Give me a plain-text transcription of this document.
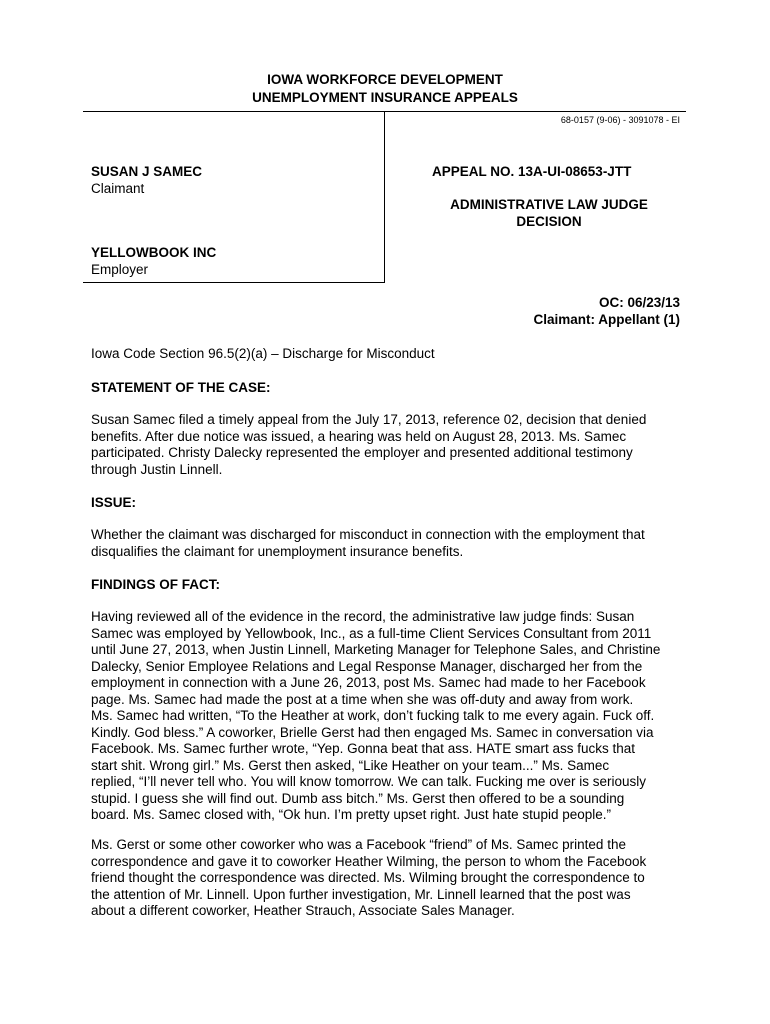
IOWA WORKFORCE DEVELOPMENT
UNEMPLOYMENT INSURANCE APPEALS
68-0157 (9-06) - 3091078 - EI
SUSAN J SAMEC
Claimant
YELLOWBOOK INC
Employer
APPEAL NO. 13A-UI-08653-JTT
ADMINISTRATIVE LAW JUDGE
DECISION
OC: 06/23/13
Claimant: Appellant (1)
Iowa Code Section 96.5(2)(a) – Discharge for Misconduct
STATEMENT OF THE CASE:
Susan Samec filed a timely appeal from the July 17, 2013, reference 02, decision that denied
benefits. After due notice was issued, a hearing was held on August 28, 2013. Ms. Samec
participated. Christy Dalecky represented the employer and presented additional testimony
through Justin Linnell.
ISSUE:
Whether the claimant was discharged for misconduct in connection with the employment that
disqualifies the claimant for unemployment insurance benefits.
FINDINGS OF FACT:
Having reviewed all of the evidence in the record, the administrative law judge finds: Susan
Samec was employed by Yellowbook, Inc., as a full-time Client Services Consultant from 2011
until June 27, 2013, when Justin Linnell, Marketing Manager for Telephone Sales, and Christine
Dalecky, Senior Employee Relations and Legal Response Manager, discharged her from the
employment in connection with a June 26, 2013, post Ms. Samec had made to her Facebook
page. Ms. Samec had made the post at a time when she was off-duty and away from work.
Ms. Samec had written, “To the Heather at work, don’t fucking talk to me every again. Fuck off.
Kindly. God bless.” A coworker, Brielle Gerst had then engaged Ms. Samec in conversation via
Facebook. Ms. Samec further wrote, “Yep. Gonna beat that ass. HATE smart ass fucks that
start shit. Wrong girl.” Ms. Gerst then asked, “Like Heather on your team...” Ms. Samec
replied, “I’ll never tell who. You will know tomorrow. We can talk. Fucking me over is seriously
stupid. I guess she will find out. Dumb ass bitch.” Ms. Gerst then offered to be a sounding
board. Ms. Samec closed with, “Ok hun. I’m pretty upset right. Just hate stupid people.”
Ms. Gerst or some other coworker who was a Facebook “friend” of Ms. Samec printed the
correspondence and gave it to coworker Heather Wilming, the person to whom the Facebook
friend thought the correspondence was directed. Ms. Wilming brought the correspondence to
the attention of Mr. Linnell. Upon further investigation, Mr. Linnell learned that the post was
about a different coworker, Heather Strauch, Associate Sales Manager.
